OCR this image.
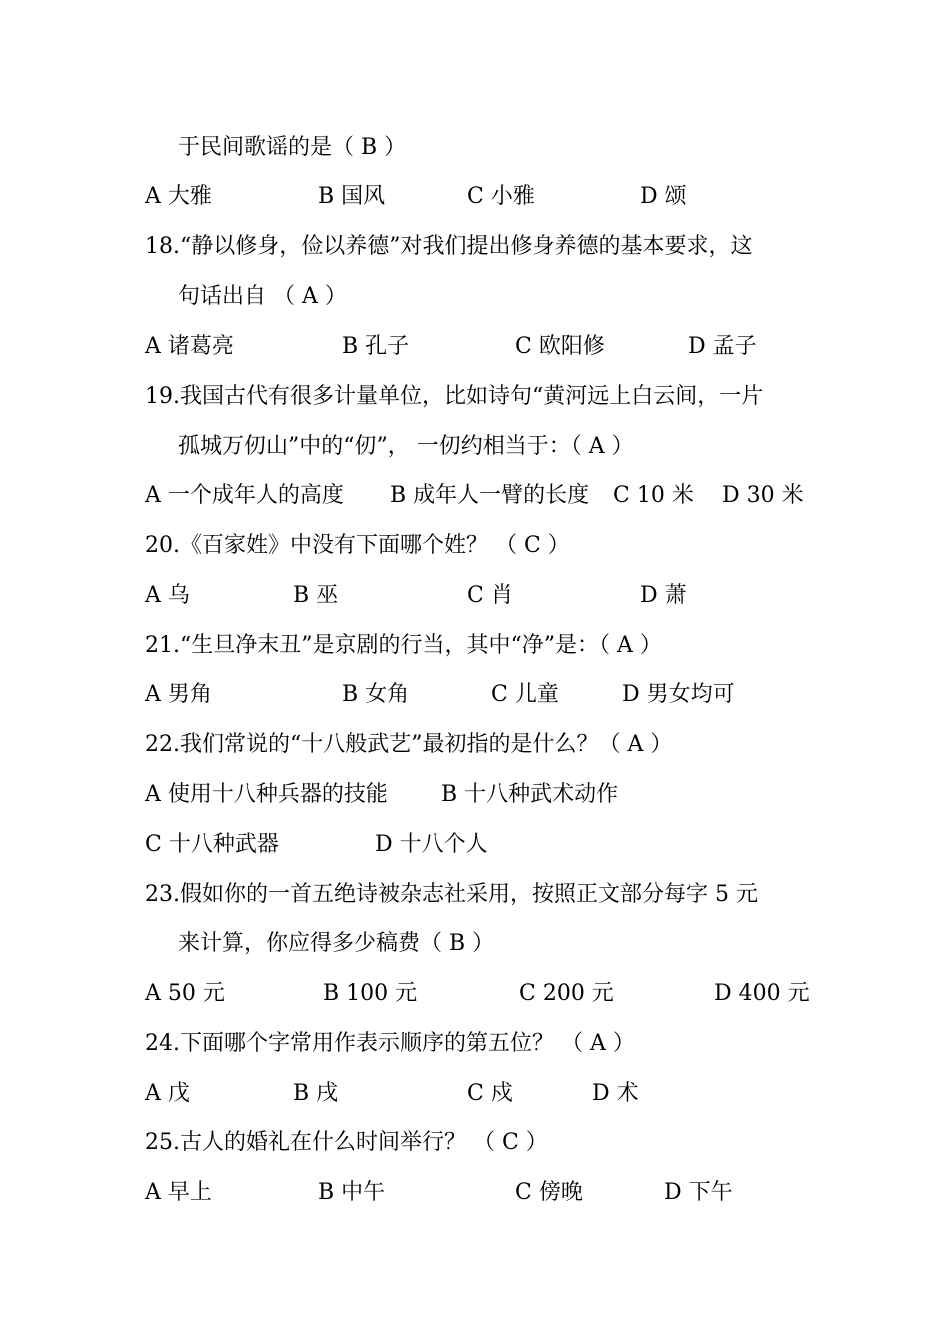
于民间歌谣的是（ B ）
A 大雅	B 国风	C 小雅	D 颂
18.“静以修身，俭以养德”对我们提出修身养德的基本要求，这
句话出自 （ A ）
A 诸葛亮	B 孔子	C 欧阳修	D 孟子
19.我国古代有很多计量单位，比如诗句“黄河远上白云间，一片
孤城万仞山”中的“仞”， 一仞约相当于：（ A ）
A 一个成年人的高度 B 成年人一臂的长度 C 10 米 D 30 米
20.《百家姓》中没有下面哪个姓？ （ C ）
A 乌	B 巫	C 肖	D 萧
21.“生旦净末丑”是京剧的行当，其中“净”是：（ A ）
A 男角	B 女角	C 儿童	D 男女均可
22.我们常说的“十八般武艺”最初指的是什么？（ A ）
A 使用十八种兵器的技能 B 十八种武术动作
C 十八种武器	D 十八个人
23.假如你的一首五绝诗被杂志社采用，按照正文部分每字 5 元
来计算，你应得多少稿费（ B ）
A 50 元	B 100 元	C 200 元	D 400 元
24.下面哪个字常用作表示顺序的第五位？ （ A ）
A 戊	B 戌	C 戍	D 术
25.古人的婚礼在什么时间举行？ （ C ）
A 早上	B 中午	C 傍晚	D 下午
